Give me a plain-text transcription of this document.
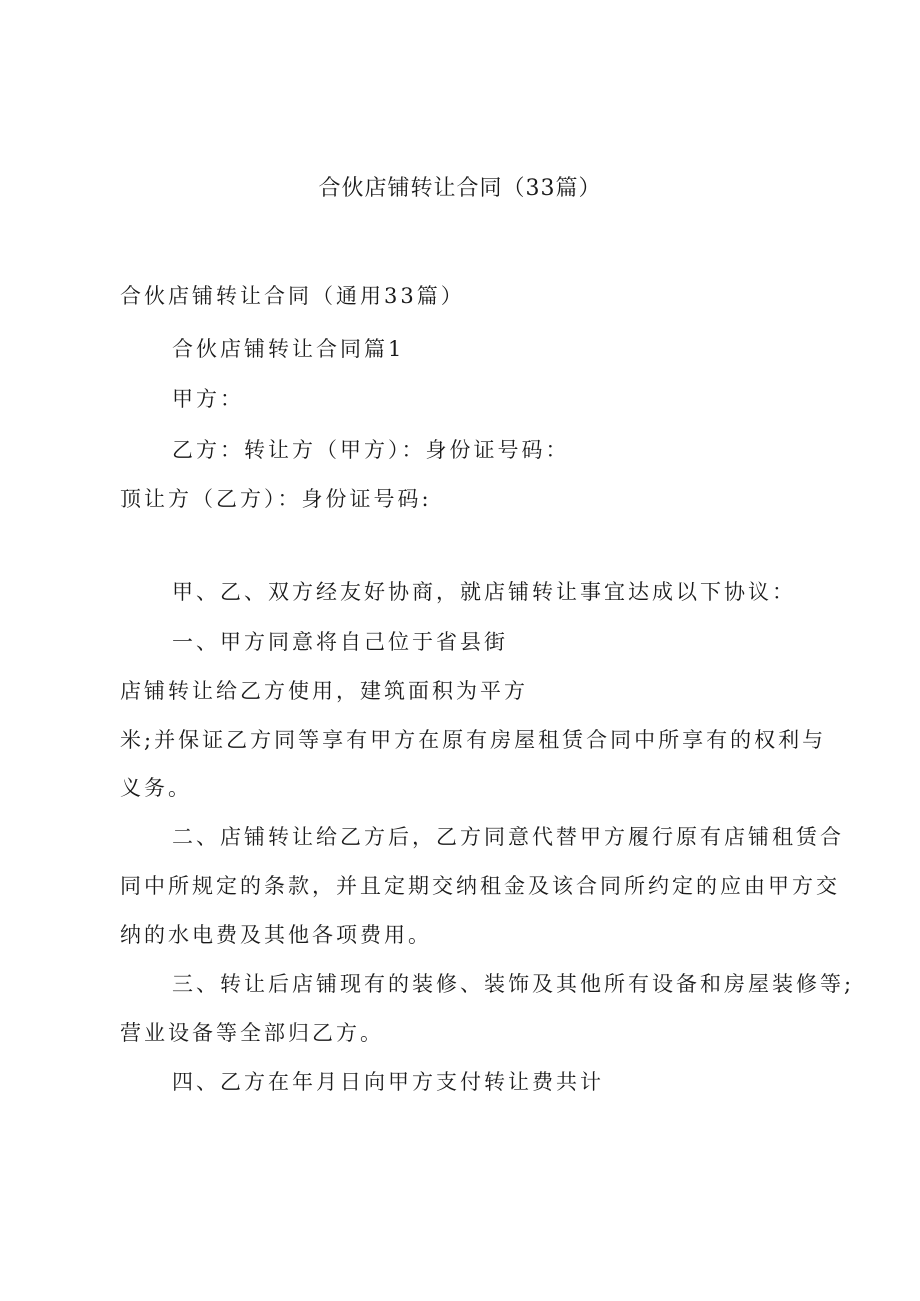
合伙店铺转让合同（33篇）
合伙店铺转让合同（通用33篇）
合伙店铺转让合同篇1
甲方：
乙方：转让方（甲方）：身份证号码：
顶让方（乙方）：身份证号码:
甲、乙、双方经友好协商，就店铺转让事宜达成以下协议：
一、甲方同意将自己位于省县街
店铺转让给乙方使用，建筑面积为平方
米;并保证乙方同等享有甲方在原有房屋租赁合同中所享有的权利与
义务。
二、店铺转让给乙方后，乙方同意代替甲方履行原有店铺租赁合
同中所规定的条款，并且定期交纳租金及该合同所约定的应由甲方交
纳的水电费及其他各项费用。
三、转让后店铺现有的装修、装饰及其他所有设备和房屋装修等;
营业设备等全部归乙方。
四、乙方在年月日向甲方支付转让费共计
